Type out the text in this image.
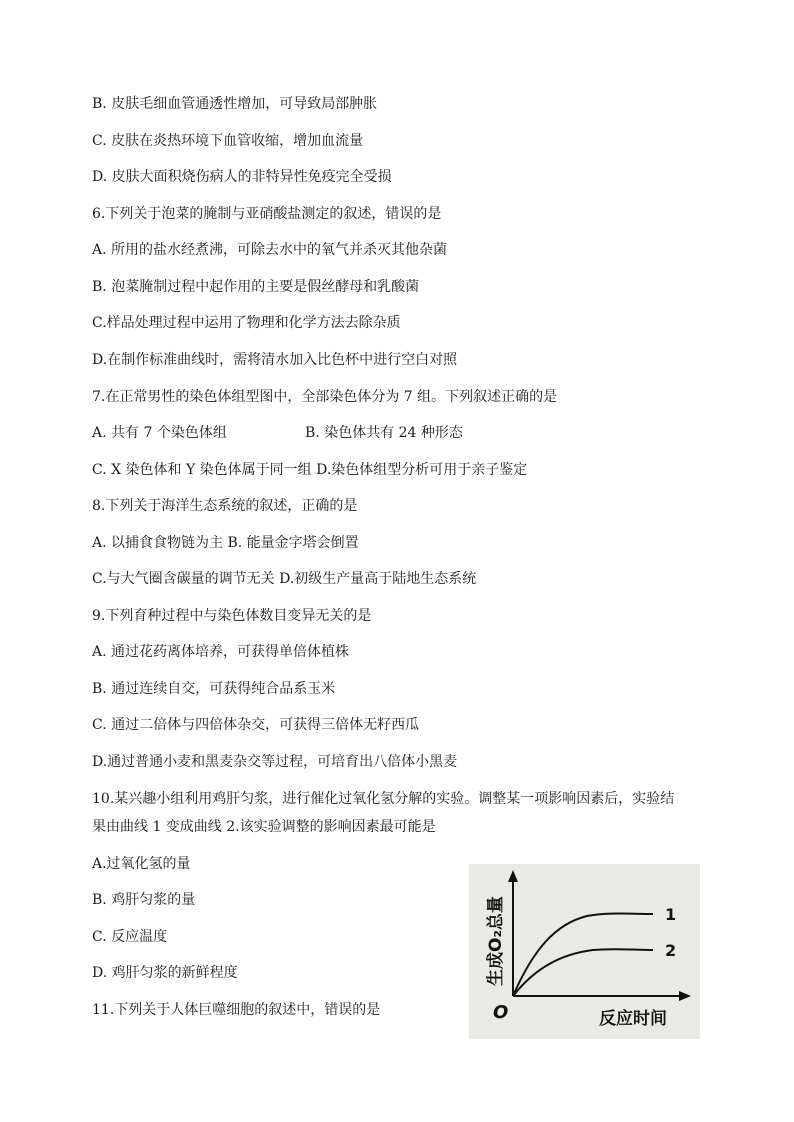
B. 皮肤毛细血管通透性增加，可导致局部肿胀
C. 皮肤在炎热环境下血管收缩，增加血流量
D. 皮肤大面积烧伤病人的非特异性免疫完全受损
6.下列关于泡菜的腌制与亚硝酸盐测定的叙述，错误的是
A. 所用的盐水经煮沸，可除去水中的氧气并杀灭其他杂菌
B. 泡菜腌制过程中起作用的主要是假丝酵母和乳酸菌
C.样品处理过程中运用了物理和化学方法去除杂质
D.在制作标准曲线时，需将清水加入比色杯中进行空白对照
7.在正常男性的染色体组型图中，全部染色体分为 7 组。下列叙述正确的是
A. 共有 7 个染色体组	B. 染色体共有 24 种形态
C. X 染色体和 Y 染色体属于同一组 D.染色体组型分析可用于亲子鉴定
8.下列关于海洋生态系统的叙述，正确的是
A. 以捕食食物链为主 B. 能量金字塔会倒置
C.与大气圈含碳量的调节无关 D.初级生产量高于陆地生态系统
9.下列育种过程中与染色体数目变异无关的是
A. 通过花药离体培养，可获得单倍体植株
B. 通过连续自交，可获得纯合品系玉米
C. 通过二倍体与四倍体杂交，可获得三倍体无籽西瓜
D.通过普通小麦和黑麦杂交等过程，可培育出八倍体小黑麦
10.某兴趣小组利用鸡肝匀浆，进行催化过氧化氢分解的实验。调整某一项影响因素后，实验结
果由曲线 1 变成曲线 2.该实验调整的影响因素最可能是
A.过氧化氢的量
B. 鸡肝匀浆的量
C. 反应温度
D. 鸡肝匀浆的新鲜程度
11.下列关于人体巨噬细胞的叙述中，错误的是
1
2
O	反应时间
生成O₂总量
